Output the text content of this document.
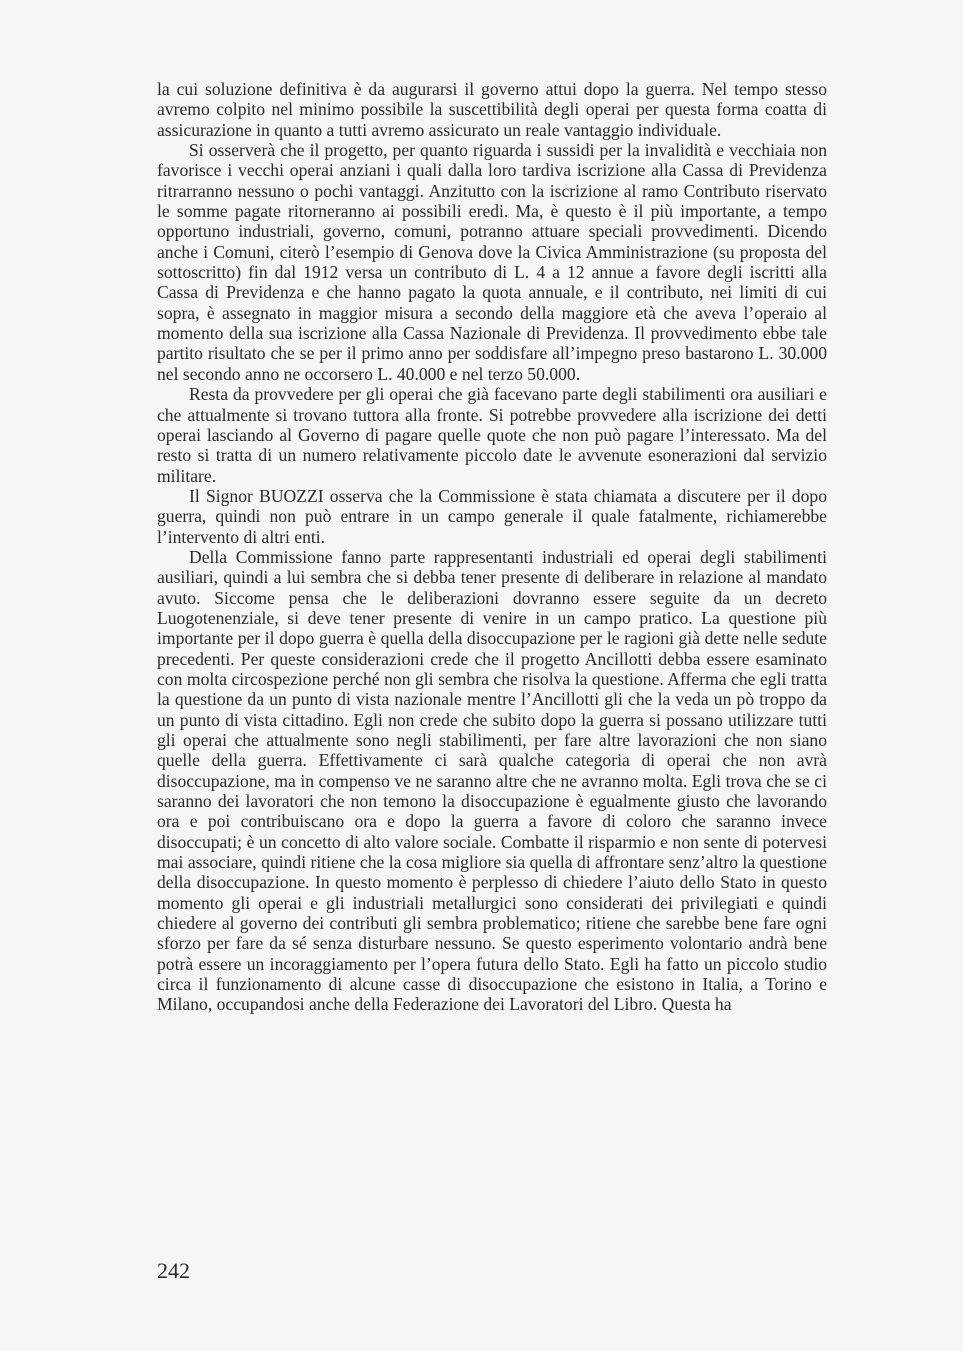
la cui soluzione definitiva è da augurarsi il governo attui dopo la guerra. Nel tempo stesso avremo colpito nel minimo possibile la suscettibilità degli operai per questa forma coatta di assicurazione in quanto a tutti avremo assicurato un reale vantaggio individuale.

Si osserverà che il progetto, per quanto riguarda i sussidi per la invalidità e vecchiaia non favorisce i vecchi operai anziani i quali dalla loro tardiva iscrizione alla Cassa di Previdenza ritrarranno nessuno o pochi vantaggi. Anzitutto con la iscrizione al ramo Contributo riservato le somme pagate ritorneranno ai possibili eredi. Ma, è questo è il più importante, a tempo opportuno industriali, governo, comuni, potranno attuare speciali provvedimenti. Dicendo anche i Comuni, citerò l’esempio di Genova dove la Civica Amministrazione (su proposta del sottoscritto) fin dal 1912 versa un contributo di L. 4 a 12 annue a favore degli iscritti alla Cassa di Previdenza e che hanno pagato la quota annuale, e il contributo, nei limiti di cui sopra, è assegnato in maggior misura a secondo della maggiore età che aveva l’operaio al momento della sua iscrizione alla Cassa Nazionale di Previdenza. Il provvedimento ebbe tale partito risultato che se per il primo anno per soddisfare all’impegno preso bastarono L. 30.000 nel secondo anno ne occorsero L. 40.000 e nel terzo 50.000.

Resta da provvedere per gli operai che già facevano parte degli stabilimenti ora ausiliari e che attualmente si trovano tuttora alla fronte. Si potrebbe provvedere alla iscrizione dei detti operai lasciando al Governo di pagare quelle quote che non può pagare l’interessato. Ma del resto si tratta di un numero relativamente piccolo date le avvenute esonerazioni dal servizio militare.

Il Signor BUOZZI osserva che la Commissione è stata chiamata a discutere per il dopo guerra, quindi non può entrare in un campo generale il quale fatalmente, richiamerebbe l’intervento di altri enti.

Della Commissione fanno parte rappresentanti industriali ed operai degli stabilimenti ausiliari, quindi a lui sembra che si debba tener presente di deliberare in relazione al mandato avuto. Siccome pensa che le deliberazioni dovranno essere seguite da un decreto Luogotenenziale, si deve tener presente di venire in un campo pratico. La questione più importante per il dopo guerra è quella della disoccupazione per le ragioni già dette nelle sedute precedenti. Per queste considerazioni crede che il progetto Ancillotti debba essere esaminato con molta circospezione perché non gli sembra che risolva la questione. Afferma che egli tratta la questione da un punto di vista nazionale mentre l’Ancillotti gli che la veda un pò troppo da un punto di vista cittadino. Egli non crede che subito dopo la guerra si possano utilizzare tutti gli operai che attualmente sono negli stabilimenti, per fare altre lavorazioni che non siano quelle della guerra. Effettivamente ci sarà qualche categoria di operai che non avrà disoccupazione, ma in compenso ve ne saranno altre che ne avranno molta. Egli trova che se ci saranno dei lavoratori che non temono la disoccupazione è egualmente giusto che lavorando ora e poi contribuiscano ora e dopo la guerra a favore di coloro che saranno invece disoccupati; è un concetto di alto valore sociale. Combatte il risparmio e non sente di potervesi mai associare, quindi ritiene che la cosa migliore sia quella di affrontare senz’altro la questione della disoccupazione. In questo momento è perplesso di chiedere l’aiuto dello Stato in questo momento gli operai e gli industriali metallurgici sono considerati dei privilegiati e quindi chiedere al governo dei contributi gli sembra problematico; ritiene che sarebbe bene fare ogni sforzo per fare da sé senza disturbare nessuno. Se questo esperimento volontario andrà bene potrà essere un incoraggiamento per l’opera futura dello Stato. Egli ha fatto un piccolo studio circa il funzionamento di alcune casse di disoccupazione che esistono in Italia, a Torino e Milano, occupandosi anche della Federazione dei Lavoratori del Libro. Questa ha

242
